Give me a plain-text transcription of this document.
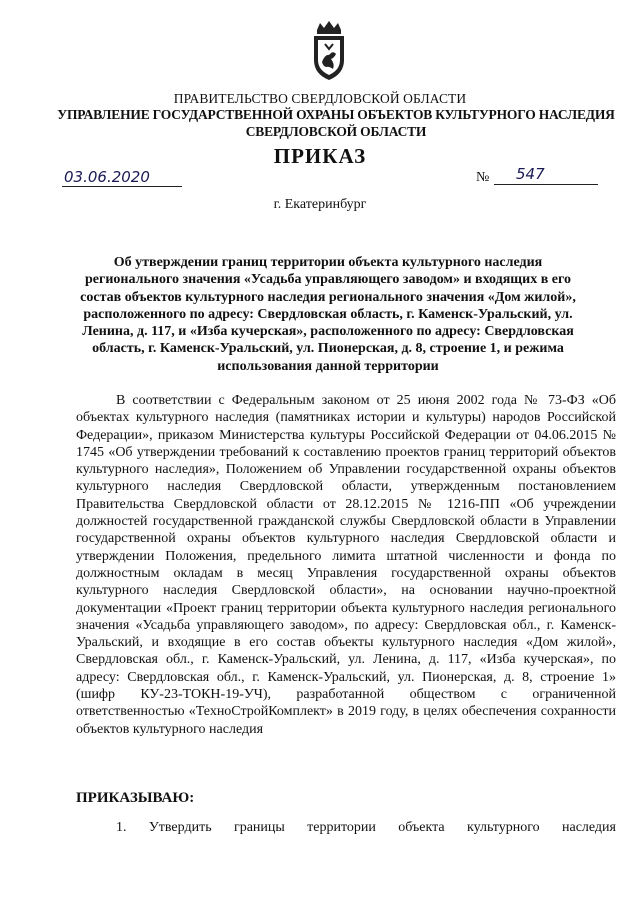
ПРАВИТЕЛЬСТВО СВЕРДЛОВСКОЙ ОБЛАСТИ
УПРАВЛЕНИЕ ГОСУДАРСТВЕННОЙ ОХРАНЫ ОБЪЕКТОВ КУЛЬТУРНОГО НАСЛЕДИЯ СВЕРДЛОВСКОЙ ОБЛАСТИ
ПРИКАЗ
03.06.2020	№	547
г. Екатеринбург
Об утверждении границ территории объекта культурного наследия регионального значения «Усадьба управляющего заводом» и входящих в его состав объектов культурного наследия регионального значения «Дом жилой», расположенного по адресу: Свердловская область, г. Каменск-Уральский, ул. Ленина, д. 117, и «Изба кучерская», расположенного по адресу: Свердловская область, г. Каменск-Уральский, ул. Пионерская, д. 8, строение 1, и режима использования данной территории
В соответствии с Федеральным законом от 25 июня 2002 года № 73-ФЗ «Об объектах культурного наследия (памятниках истории и культуры) народов Российской Федерации», приказом Министерства культуры Российской Федерации от 04.06.2015 № 1745 «Об утверждении требований к составлению проектов границ территорий объектов культурного наследия», Положением об Управлении государственной охраны объектов культурного наследия Свердловской области, утвержденным постановлением Правительства Свердловской области от 28.12.2015 № 1216-ПП «Об учреждении должностей государственной гражданской службы Свердловской области в Управлении государственной охраны объектов культурного наследия Свердловской области и утверждении Положения, предельного лимита штатной численности и фонда по должностным окладам в месяц Управления государственной охраны объектов культурного наследия Свердловской области», на основании научно-проектной документации «Проект границ территории объекта культурного наследия регионального значения «Усадьба управляющего заводом», по адресу: Свердловская обл., г. Каменск-Уральский, и входящие в его состав объекты культурного наследия «Дом жилой», Свердловская обл., г. Каменск-Уральский, ул. Ленина, д. 117, «Изба кучерская», по адресу: Свердловская обл., г. Каменск-Уральский, ул. Пионерская, д. 8, строение 1» (шифр КУ-23-ТОКН-19-УЧ), разработанной обществом с ограниченной ответственностью «ТехноСтройКомплект» в 2019 году, в целях обеспечения сохранности объектов культурного наследия
ПРИКАЗЫВАЮ:
1. Утвердить границы территории объекта культурного наследия
